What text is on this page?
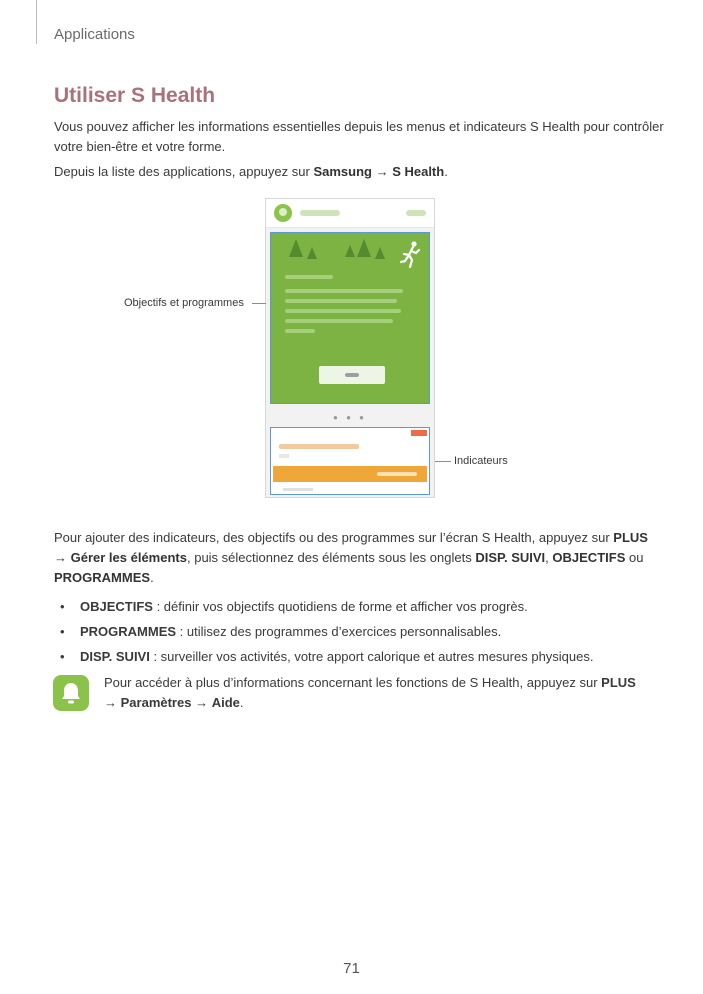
Applications
Utiliser S Health

Vous pouvez afficher les informations essentielles depuis les menus et indicateurs S Health pour contrôler votre bien-être et votre forme.

Depuis la liste des applications, appuyez sur Samsung → S Health.

● ● ●
Objectifs et programmes
Indicateurs

Pour ajouter des indicateurs, des objectifs ou des programmes sur l’écran S Health, appuyez sur PLUS
→ Gérer les éléments, puis sélectionnez des éléments sous les onglets DISP. SUIVI, OBJECTIFS ou
PROGRAMMES.

• OBJECTIFS : définir vos objectifs quotidiens de forme et afficher vos progrès.
• PROGRAMMES : utilisez des programmes d’exercices personnalisables.
• DISP. SUIVI : surveiller vos activités, votre apport calorique et autres mesures physiques.

Pour accéder à plus d’informations concernant les fonctions de S Health, appuyez sur PLUS
→ Paramètres → Aide.

71
